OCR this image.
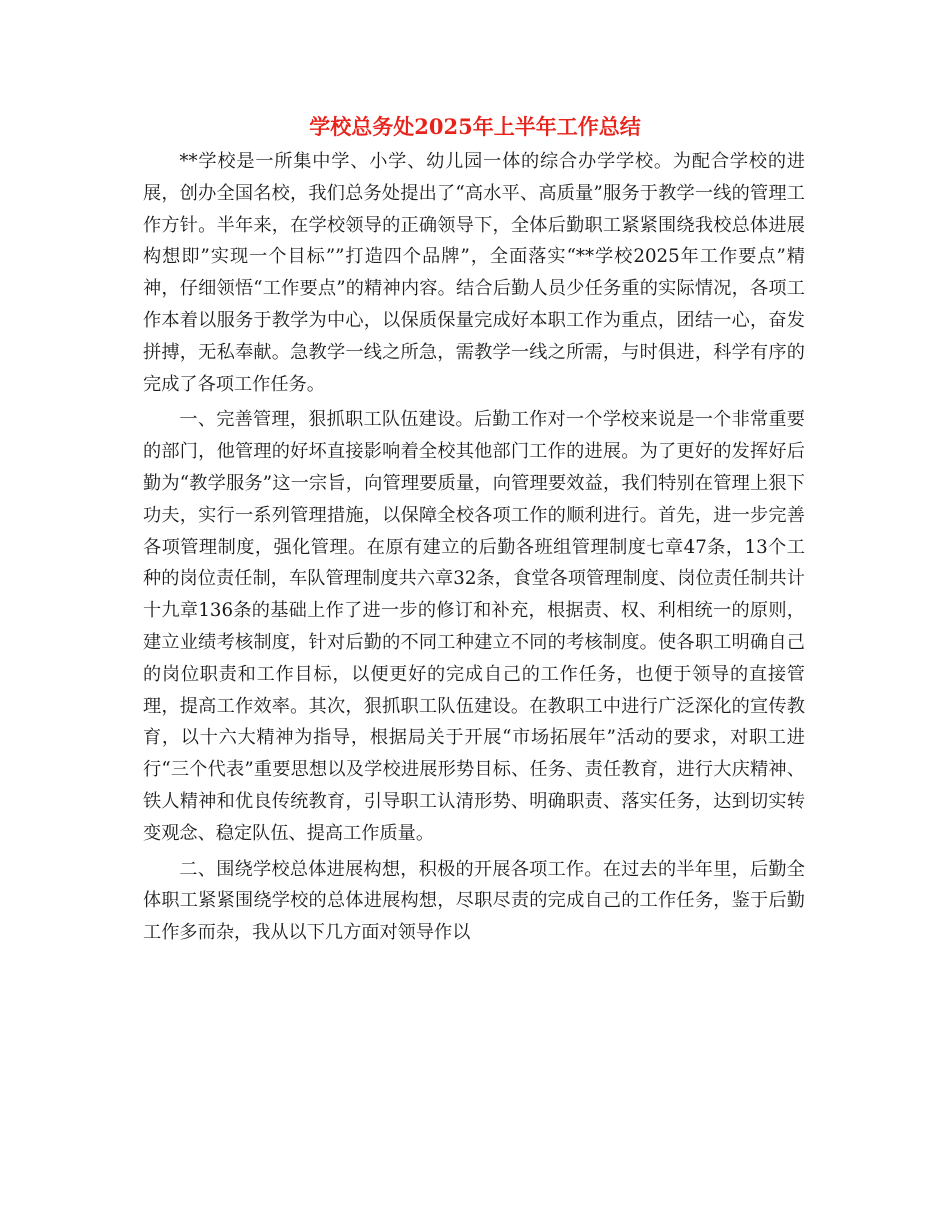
学校总务处2025年上半年工作总结

**学校是一所集中学、小学、幼儿园一体的综合办学学校。为配合学校的进展，创办全国名校，我们总务处提出了“高水平、高质量”服务于教学一线的管理工作方针。半年来，在学校领导的正确领导下，全体后勤职工紧紧围绕我校总体进展构想即”实现一个目标””打造四个品牌”，全面落实“**学校2025年工作要点”精神，仔细领悟“工作要点”的精神内容。结合后勤人员少任务重的实际情况，各项工作本着以服务于教学为中心，以保质保量完成好本职工作为重点，团结一心，奋发拼搏，无私奉献。急教学一线之所急，需教学一线之所需，与时俱进，科学有序的完成了各项工作任务。

一、完善管理，狠抓职工队伍建设。后勤工作对一个学校来说是一个非常重要的部门，他管理的好坏直接影响着全校其他部门工作的进展。为了更好的发挥好后勤为“教学服务”这一宗旨，向管理要质量，向管理要效益，我们特别在管理上狠下功夫，实行一系列管理措施，以保障全校各项工作的顺利进行。首先，进一步完善各项管理制度，强化管理。在原有建立的后勤各班组管理制度七章47条，13个工种的岗位责任制，车队管理制度共六章32条，食堂各项管理制度、岗位责任制共计十九章136条的基础上作了进一步的修订和补充，根据责、权、利相统一的原则，建立业绩考核制度，针对后勤的不同工种建立不同的考核制度。使各职工明确自己的岗位职责和工作目标，以便更好的完成自己的工作任务，也便于领导的直接管理，提高工作效率。其次，狠抓职工队伍建设。在教职工中进行广泛深化的宣传教育，以十六大精神为指导，根据局关于开展“市场拓展年”活动的要求，对职工进行“三个代表”重要思想以及学校进展形势目标、任务、责任教育，进行大庆精神、铁人精神和优良传统教育，引导职工认清形势、明确职责、落实任务，达到切实转变观念、稳定队伍、提高工作质量。

二、围绕学校总体进展构想，积极的开展各项工作。在过去的半年里，后勤全体职工紧紧围绕学校的总体进展构想，尽职尽责的完成自己的工作任务，鉴于后勤工作多而杂，我从以下几方面对领导作以
